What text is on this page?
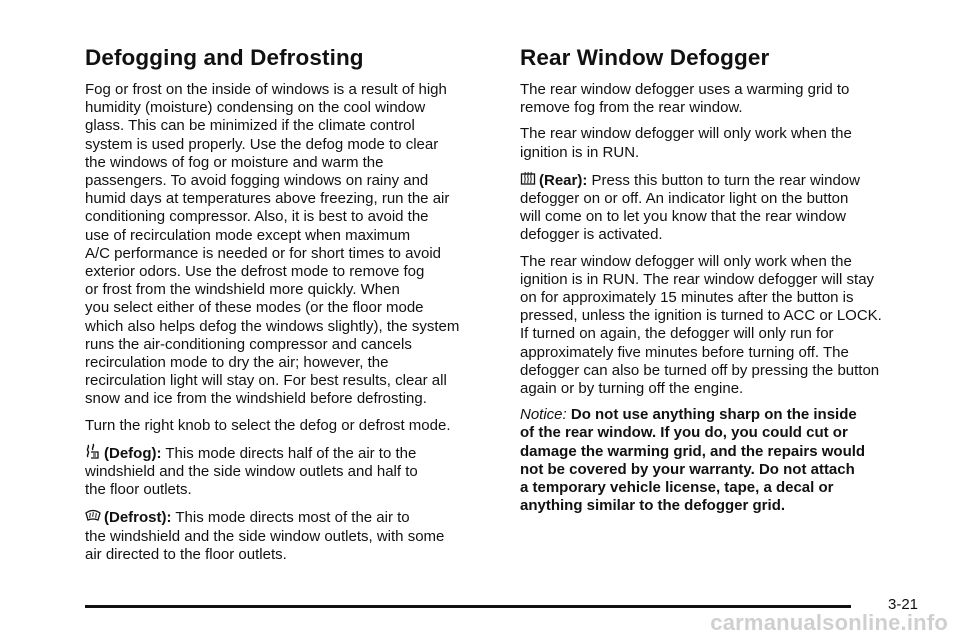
Defogging and Defrosting

Fog or frost on the inside of windows is a result of high
humidity (moisture) condensing on the cool window
glass. This can be minimized if the climate control
system is used properly. Use the defog mode to clear
the windows of fog or moisture and warm the
passengers. To avoid fogging windows on rainy and
humid days at temperatures above freezing, run the air
conditioning compressor. Also, it is best to avoid the
use of recirculation mode except when maximum
A/C performance is needed or for short times to avoid
exterior odors. Use the defrost mode to remove fog
or frost from the windshield more quickly. When
you select either of these modes (or the floor mode
which also helps defog the windows slightly), the system
runs the air-conditioning compressor and cancels
recirculation mode to dry the air; however, the
recirculation light will stay on. For best results, clear all
snow and ice from the windshield before defrosting.

Turn the right knob to select the defog or defrost mode.

(Defog): This mode directs half of the air to the
windshield and the side window outlets and half to
the floor outlets.

(Defrost): This mode directs most of the air to
the windshield and the side window outlets, with some
air directed to the floor outlets.

Rear Window Defogger

The rear window defogger uses a warming grid to
remove fog from the rear window.

The rear window defogger will only work when the
ignition is in RUN.

(Rear): Press this button to turn the rear window
defogger on or off. An indicator light on the button
will come on to let you know that the rear window
defogger is activated.

The rear window defogger will only work when the
ignition is in RUN. The rear window defogger will stay
on for approximately 15 minutes after the button is
pressed, unless the ignition is turned to ACC or LOCK.
If turned on again, the defogger will only run for
approximately five minutes before turning off. The
defogger can also be turned off by pressing the button
again or by turning off the engine.

Notice: Do not use anything sharp on the inside
of the rear window. If you do, you could cut or
damage the warming grid, and the repairs would
not be covered by your warranty. Do not attach
a temporary vehicle license, tape, a decal or
anything similar to the defogger grid.

3-21
carmanualsonline.info
